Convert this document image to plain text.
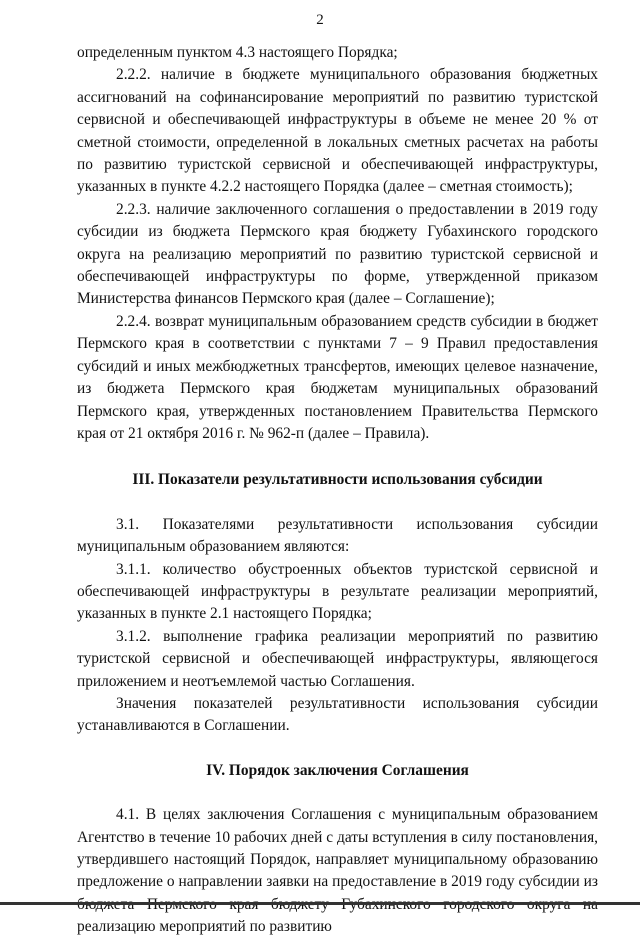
2

определенным пунктом 4.3 настоящего Порядка;

2.2.2. наличие в бюджете муниципального образования бюджетных ассигнований на софинансирование мероприятий по развитию туристской сервисной и обеспечивающей инфраструктуры в объеме не менее 20 % от сметной стоимости, определенной в локальных сметных расчетах на работы по развитию туристской сервисной и обеспечивающей инфраструктуры, указанных в пункте 4.2.2 настоящего Порядка (далее – сметная стоимость);

2.2.3. наличие заключенного соглашения о предоставлении в 2019 году субсидии из бюджета Пермского края бюджету Губахинского городского округа на реализацию мероприятий по развитию туристской сервисной и обеспечивающей инфраструктуры по форме, утвержденной приказом Министерства финансов Пермского края (далее – Соглашение);

2.2.4. возврат муниципальным образованием средств субсидии в бюджет Пермского края в соответствии с пунктами 7 – 9 Правил предоставления субсидий и иных межбюджетных трансфертов, имеющих целевое назначение, из бюджета Пермского края бюджетам муниципальных образований Пермского края, утвержденных постановлением Правительства Пермского края от 21 октября 2016 г. № 962-п (далее – Правила).

III. Показатели результативности использования субсидии

3.1. Показателями результативности использования субсидии муниципальным образованием являются:

3.1.1. количество обустроенных объектов туристской сервисной и обеспечивающей инфраструктуры в результате реализации мероприятий, указанных в пункте 2.1 настоящего Порядка;

3.1.2. выполнение графика реализации мероприятий по развитию туристской сервисной и обеспечивающей инфраструктуры, являющегося приложением и неотъемлемой частью Соглашения.

Значения показателей результативности использования субсидии устанавливаются в Соглашении.

IV. Порядок заключения Соглашения

4.1. В целях заключения Соглашения с муниципальным образованием Агентство в течение 10 рабочих дней с даты вступления в силу постановления, утвердившего настоящий Порядок, направляет муниципальному образованию предложение о направлении заявки на предоставление в 2019 году субсидии из реализацию мероприятий по развитию
